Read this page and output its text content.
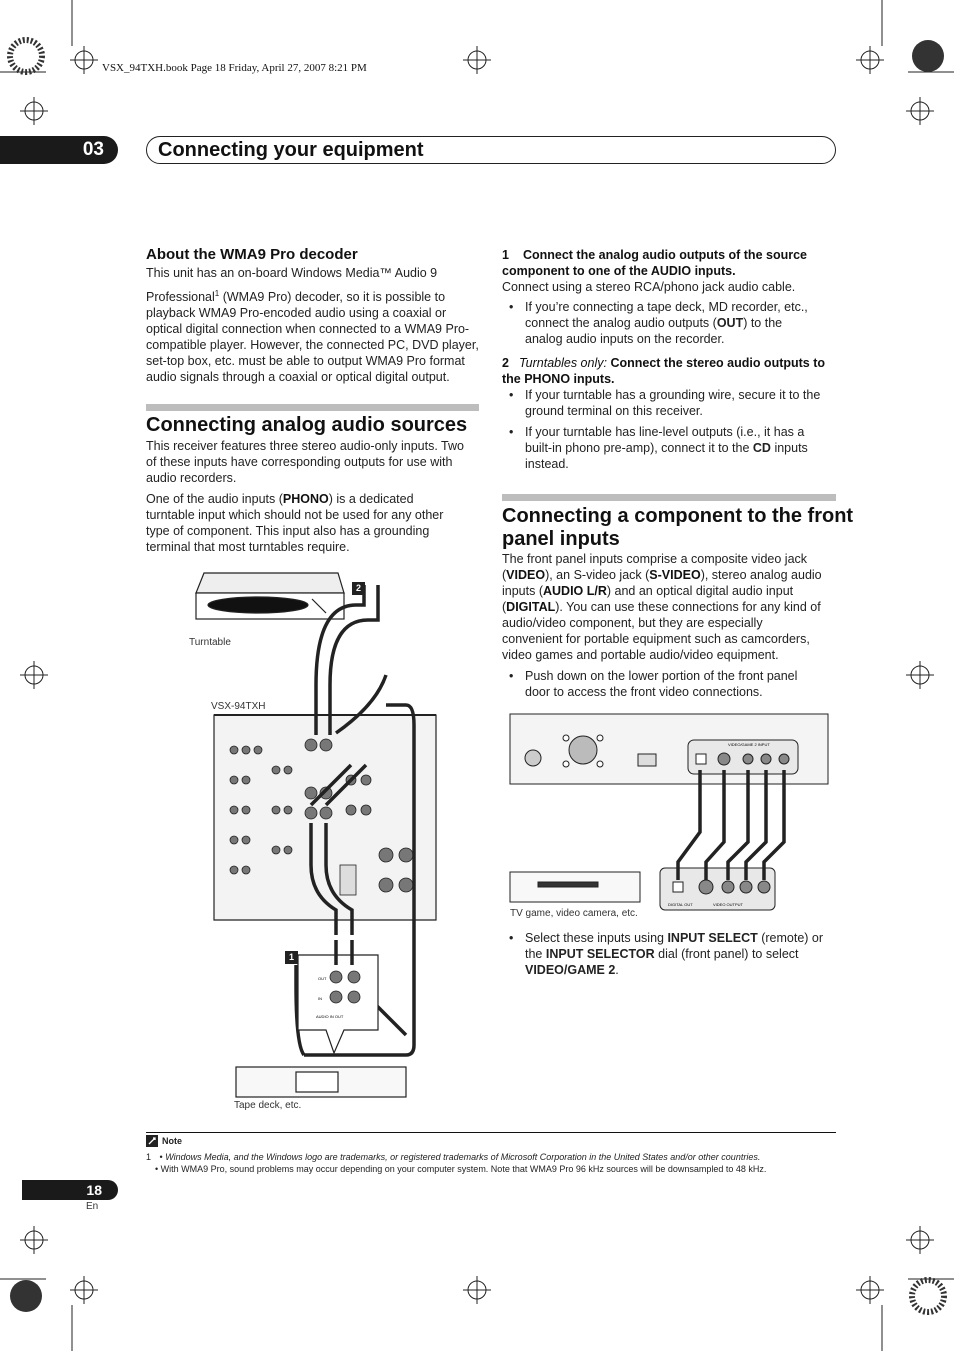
VSX_94TXH.book Page 18 Friday, April 27, 2007 8:21 PM
03	Connecting your equipment
About the WMA9 Pro decoder
This unit has an on-board Windows Media™ Audio 9
Professional$^1$ (WMA9 Pro) decoder, so it is possible to
playback WMA9 Pro-encoded audio using a coaxial or
optical digital connection when connected to a WMA9 Pro-
compatible player. However, the connected PC, DVD player,
set-top box, etc. must be able to output WMA9 Pro format
audio signals through a coaxial or optical digital output.
Connecting analog audio sources
This receiver features three stereo audio-only inputs. Two
of these inputs have corresponding outputs for use with
audio recorders.
One of the audio inputs (PHONO) is a dedicated
turntable input which should not be used for any other
type of component. This input also has a grounding
terminal that most turntables require.
OUT
IN
AUDIO IN OUT
Turntable
VSX-94TXH
Tape deck, etc.
2
1
1 Connect the analog audio outputs of the source
component to one of the AUDIO inputs.
Connect using a stereo RCA/phono jack audio cable.
• If you’re connecting a tape deck, MD recorder, etc.,
connect the analog audio outputs (OUT) to the
analog audio inputs on the recorder.
2 Turntables only: Connect the stereo audio outputs to
the PHONO inputs.
• If your turntable has a grounding wire, secure it to the
ground terminal on this receiver.
• If your turntable has line-level outputs (i.e., it has a
built-in phono pre-amp), connect it to the CD inputs
instead.
Connecting a component to the front
panel inputs
The front panel inputs comprise a composite video jack
(VIDEO), an S-video jack (S-VIDEO), stereo analog audio
inputs (AUDIO L/R) and an optical digital audio input
(DIGITAL). You can use these connections for any kind of
audio/video component, but they are especially
convenient for portable equipment such as camcorders,
video games and portable audio/video equipment.
• Push down on the lower portion of the front panel
door to access the front video connections.
VIDEO/GAME 2 INPUT
DIGITAL OUT	VIDEO OUTPUT
TV game, video camera, etc.
• Select these inputs using INPUT SELECT (remote) or
the INPUT SELECTOR dial (front panel) to select
VIDEO/GAME 2.
Note
1 • Windows Media, and the Windows logo are trademarks, or registered trademarks of Microsoft Corporation in the United States and/or other countries.
• With WMA9 Pro, sound problems may occur depending on your computer system. Note that WMA9 Pro 96 kHz sources will be downsampled to 48 kHz.
18
En
